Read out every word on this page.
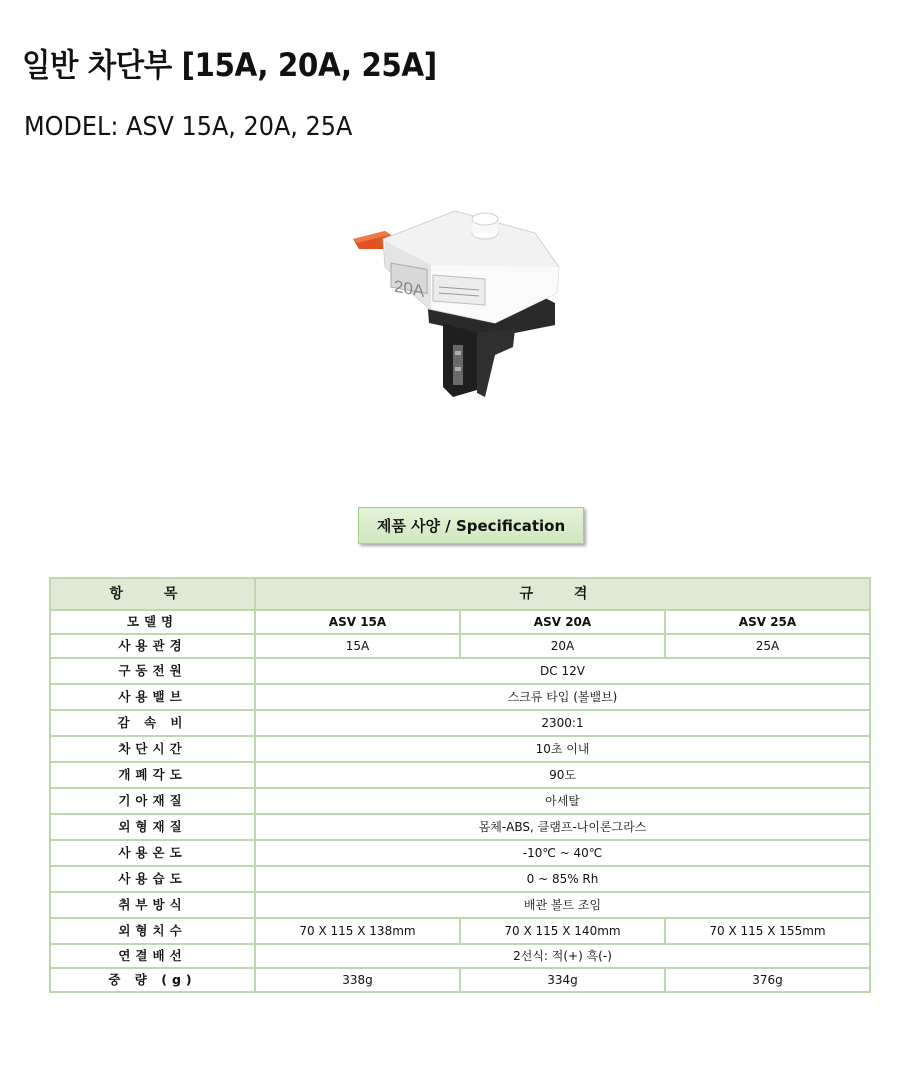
일반 차단부 [15A, 20A, 25A]
MODEL: ASV 15A, 20A, 25A
20A
제품 사양 / Specification
항 목	규 격		
모델명	ASV 15A	ASV 20A	ASV 25A
사용관경	15A	20A	25A
구동전원	DC 12V		
사용밸브	스크류 타입 (볼밸브)		
감 속 비	2300:1		
차단시간	10초 이내		
개폐각도	90도		
기아재질	아세탈		
외형재질	몸체-ABS, 클램프-나이론그라스		
사용온도	-10℃ ~ 40℃		
사용습도	0 ~ 85% Rh		
취부방식	배관 볼트 조임		
외형치수	70 X 115 X 138mm	70 X 115 X 140mm	70 X 115 X 155mm
연결배선	2선식: 적(+) 흑(-)		
중 량 (g)	338g	334g	376g
